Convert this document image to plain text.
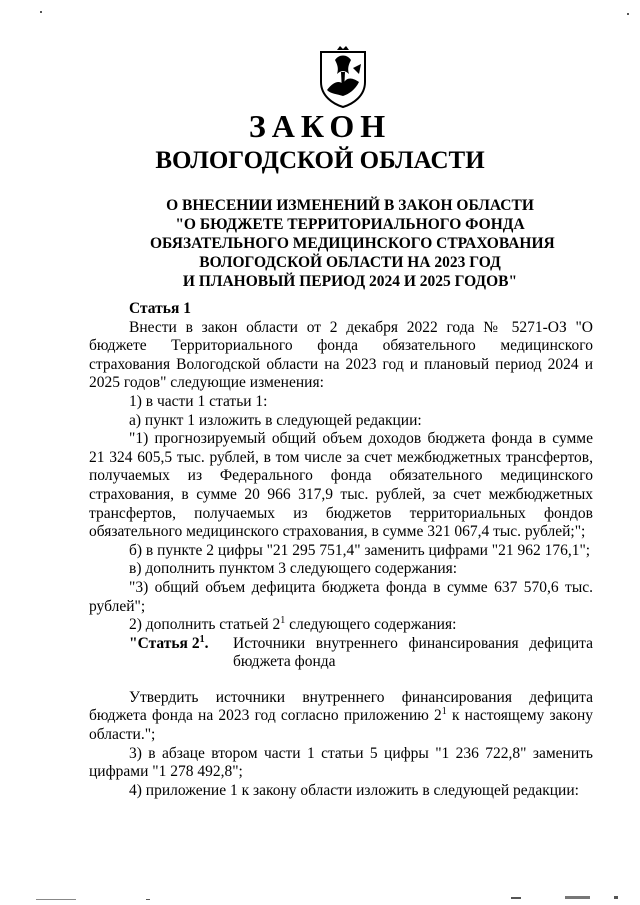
ЗАКОН
ВОЛОГОДСКОЙ ОБЛАСТИ
О ВНЕСЕНИИ ИЗМЕНЕНИЙ В ЗАКОН ОБЛАСТИ
"О БЮДЖЕТЕ ТЕРРИТОРИАЛЬНОГО ФОНДА
ОБЯЗАТЕЛЬНОГО МЕДИЦИНСКОГО СТРАХОВАНИЯ
ВОЛОГОДСКОЙ ОБЛАСТИ НА 2023 ГОД
И ПЛАНОВЫЙ ПЕРИОД 2024 И 2025 ГОДОВ"

Статья 1

Внести в закон области от 2 декабря 2022 года № 5271-ОЗ "О бюджете Территориального фонда обязательного медицинского страхования Вологодской области на 2023 год и плановый период 2024 и 2025 годов" следующие изменения:

1) в части 1 статьи 1:

а) пункт 1 изложить в следующей редакции:

"1) прогнозируемый общий объем доходов бюджета фонда в сумме 21 324 605,5 тыс. рублей, в том числе за счет межбюджетных трансфертов, получаемых из Федерального фонда обязательного медицинского страхования, в сумме 20 966 317,9 тыс. рублей, за счет межбюджетных трансфертов, получаемых из бюджетов территориальных фондов обязательного медицинского страхования, в сумме 321 067,4 тыс. рублей;";

б) в пункте 2 цифры "21 295 751,4" заменить цифрами "21 962 176,1";

в) дополнить пунктом 3 следующего содержания:

"3) общий объем дефицита бюджета фонда в сумме 637 570,6 тыс. рублей";

2) дополнить статьей $2^1$ следующего содержания:

"Статья $2^1$.	Источники внутреннего финансирования дефицита
бюджета фонда

Утвердить источники внутреннего финансирования дефицита бюджета фонда на 2023 год согласно приложению $2^1$ к настоящему закону области.";

3) в абзаце втором части 1 статьи 5 цифры "1 236 722,8" заменить цифрами "1 278 492,8";

4) приложение 1 к закону области изложить в следующей редакции:
